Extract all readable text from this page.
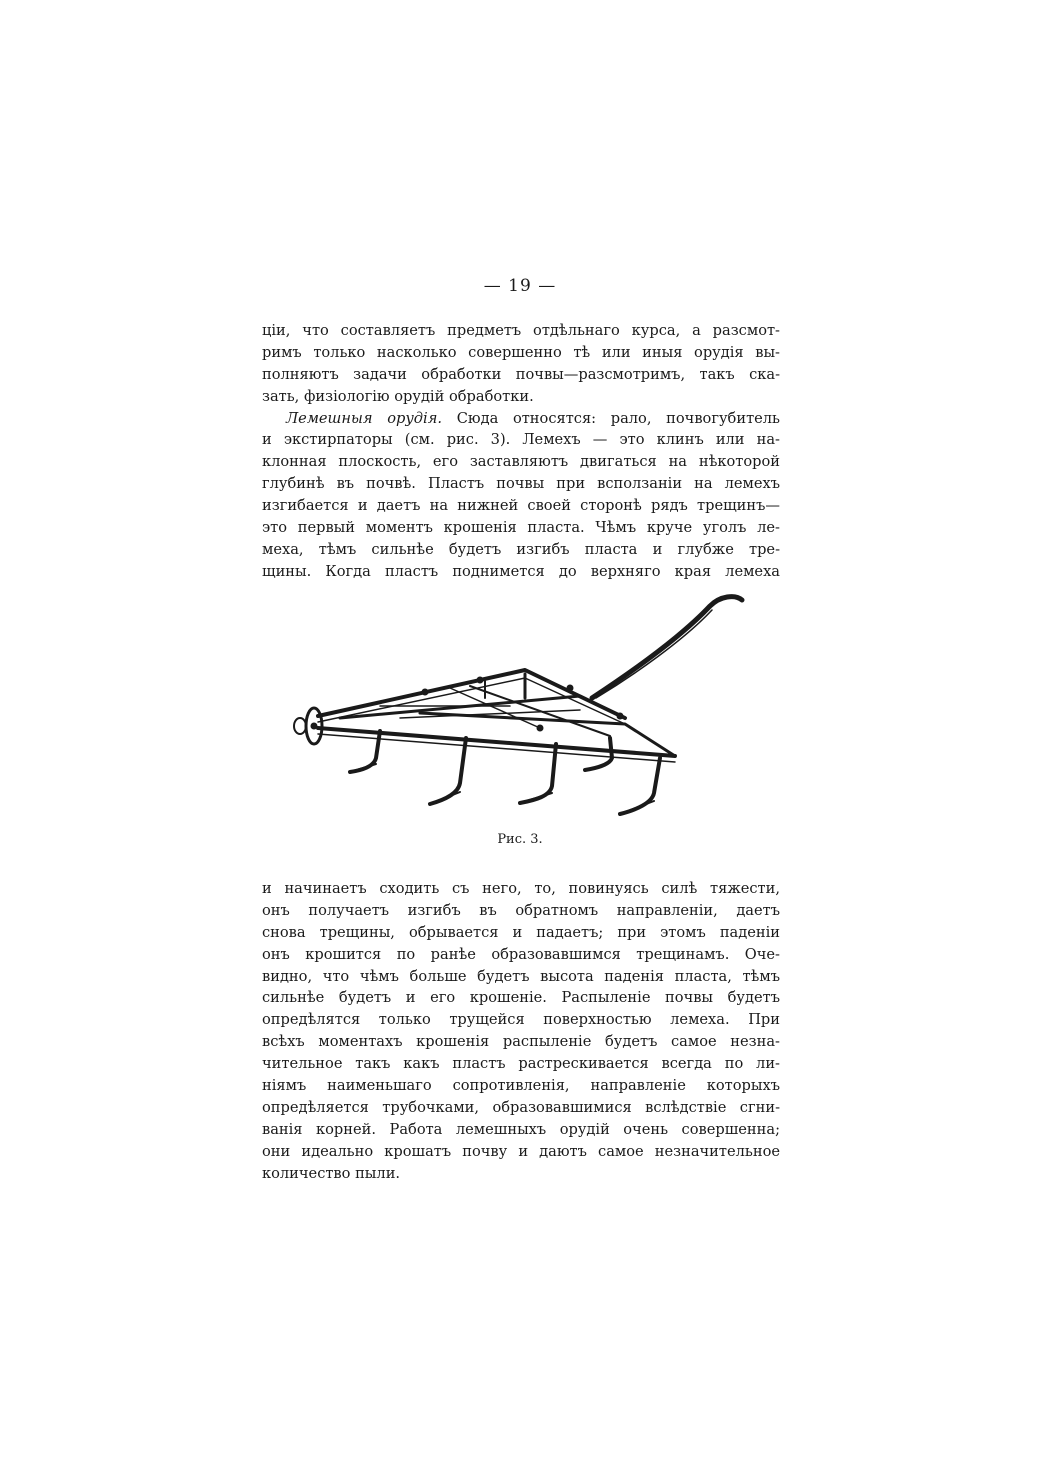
— 19 —
ціи, что составляетъ предметъ отдѣльнаго курса, а разсмот-
римъ только насколько совершенно тѣ или иныя орудія вы-
полняютъ задачи обработки почвы—разсмотримъ, такъ ска-
зать, физіологію орудій обработки.
Лемешныя орудія. Сюда относятся: рало, почвогубитель
и экстирпаторы (см. рис. 3). Лемехъ — это клинъ или на-
клонная плоскость, его заставляютъ двигаться на нѣкоторой
глубинѣ въ почвѣ. Пластъ почвы при всползаніи на лемехъ
изгибается и даетъ на нижней своей сторонѣ рядъ трещинъ—
это первый моментъ крошенія пласта. Чѣмъ круче уголъ ле-
меха, тѣмъ сильнѣе будетъ изгибъ пласта и глубже тре-
щины. Когда пластъ поднимется до верхняго края лемеха
Рис. 3.
и начинаетъ сходить съ него, то, повинуясь силѣ тяжести,
онъ получаетъ изгибъ въ обратномъ направленіи, даетъ
снова трещины, обрывается и падаетъ; при этомъ паденіи
онъ крошится по ранѣе образовавшимся трещинамъ. Оче-
видно, что чѣмъ больше будетъ высота паденія пласта, тѣмъ
сильнѣе будетъ и его крошеніе. Распыленіе почвы будетъ
опредѣлятся только трущейся поверхностью лемеха. При
всѣхъ моментахъ крошенія распыленіе будетъ самое незна-
чительное такъ какъ пластъ растрескивается всегда по ли-
ніямъ наименьшаго сопротивленія, направленіе которыхъ
опредѣляется трубочками, образовавшимися вслѣдствіе сгни-
ванія корней. Работа лемешныхъ орудій очень совершенна;
они идеально крошатъ почву и даютъ самое незначительное
количество пыли.
